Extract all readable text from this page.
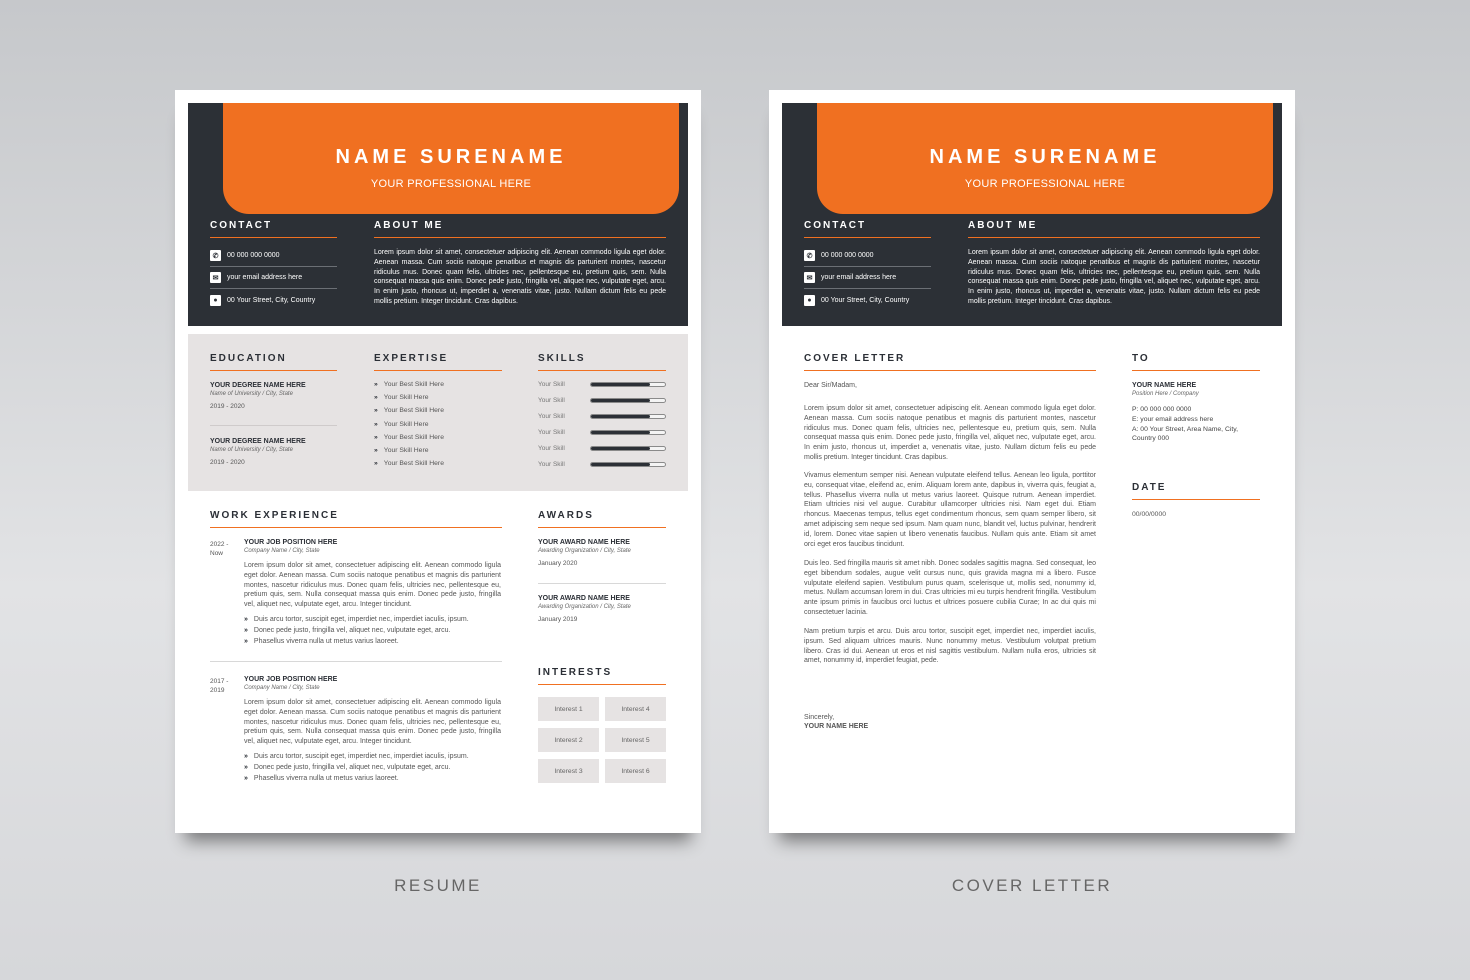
NAME SURENAME
YOUR PROFESSIONAL HERE
CONTACT
✆	00 000 000 0000
✉	your email address here
●	00 Your Street, City, Country
ABOUT ME
Lorem ipsum dolor sit amet, consectetuer adipiscing elit. Aenean commodo ligula eget dolor. Aenean massa. Cum sociis natoque penatibus et magnis dis parturient montes, nascetur ridiculus mus. Donec quam felis, ultricies nec, pellentesque eu, pretium quis, sem. Nulla consequat massa quis enim. Donec pede justo, fringilla vel, aliquet nec, vulputate eget, arcu. In enim justo, rhoncus ut, imperdiet a, venenatis vitae, justo. Nullam dictum felis eu pede mollis pretium. Integer tincidunt. Cras dapibus.
EDUCATION
YOUR DEGREE NAME HERE
Name of University / City, State
2019 - 2020
YOUR DEGREE NAME HERE
Name of University / City, State
2019 - 2020
EXPERTISE
» Your Best Skill Here
» Your Skill Here
» Your Best Skill Here
» Your Skill Here
» Your Best Skill Here
» Your Skill Here
» Your Best Skill Here
SKILLS
Your Skill
Your Skill
Your Skill
Your Skill
Your Skill
Your Skill
WORK EXPERIENCE
2022 -
Now
YOUR JOB POSITION HERE
Company Name / City, State
Lorem ipsum dolor sit amet, consectetuer adipiscing elit. Aenean commodo ligula eget dolor. Aenean massa. Cum sociis natoque penatibus et magnis dis parturient montes, nascetur ridiculus mus. Donec quam felis, ultricies nec, pellentesque eu, pretium quis, sem. Nulla consequat massa quis enim. Donec pede justo, fringilla vel, aliquet nec, vulputate eget, arcu. Integer tincidunt.
» Duis arcu tortor, suscipit eget, imperdiet nec, imperdiet iaculis, ipsum.
» Donec pede justo, fringilla vel, aliquet nec, vulputate eget, arcu.
» Phasellus viverra nulla ut metus varius laoreet.
2017 -
2019
YOUR JOB POSITION HERE
Company Name / City, State
Lorem ipsum dolor sit amet, consectetuer adipiscing elit. Aenean commodo ligula eget dolor. Aenean massa. Cum sociis natoque penatibus et magnis dis parturient montes, nascetur ridiculus mus. Donec quam felis, ultricies nec, pellentesque eu, pretium quis, sem. Nulla consequat massa quis enim. Donec pede justo, fringilla vel, aliquet nec, vulputate eget, arcu. Integer tincidunt.
» Duis arcu tortor, suscipit eget, imperdiet nec, imperdiet iaculis, ipsum.
» Donec pede justo, fringilla vel, aliquet nec, vulputate eget, arcu.
» Phasellus viverra nulla ut metus varius laoreet.
AWARDS
YOUR AWARD NAME HERE
Awarding Organization / City, State
January 2020
YOUR AWARD NAME HERE
Awarding Organization / City, State
January 2019
INTERESTS
Interest 1	Interest 4
Interest 2	Interest 5
Interest 3	Interest 6
NAME SURENAME
YOUR PROFESSIONAL HERE
CONTACT
✆	00 000 000 0000
✉	your email address here
●	00 Your Street, City, Country
ABOUT ME
Lorem ipsum dolor sit amet, consectetuer adipiscing elit. Aenean commodo ligula eget dolor. Aenean massa. Cum sociis natoque penatibus et magnis dis parturient montes, nascetur ridiculus mus. Donec quam felis, ultricies nec, pellentesque eu, pretium quis, sem. Nulla consequat massa quis enim. Donec pede justo, fringilla vel, aliquet nec, vulputate eget, arcu. In enim justo, rhoncus ut, imperdiet a, venenatis vitae, justo. Nullam dictum felis eu pede mollis pretium. Integer tincidunt. Cras dapibus.
COVER LETTER
Dear Sir/Madam,
Lorem ipsum dolor sit amet, consectetuer adipiscing elit. Aenean commodo ligula eget dolor. Aenean massa. Cum sociis natoque penatibus et magnis dis parturient montes, nascetur ridiculus mus. Donec quam felis, ultricies nec, pellentesque eu, pretium quis, sem. Nulla consequat massa quis enim. Donec pede justo, fringilla vel, aliquet nec, vulputate eget, arcu. In enim justo, rhoncus ut, imperdiet a, venenatis vitae, justo. Nullam dictum felis eu pede mollis pretium. Integer tincidunt. Cras dapibus.
Vivamus elementum semper nisi. Aenean vulputate eleifend tellus. Aenean leo ligula, porttitor eu, consequat vitae, eleifend ac, enim. Aliquam lorem ante, dapibus in, viverra quis, feugiat a, tellus. Phasellus viverra nulla ut metus varius laoreet. Quisque rutrum. Aenean imperdiet. Etiam ultricies nisi vel augue. Curabitur ullamcorper ultricies nisi. Nam eget dui. Etiam rhoncus. Maecenas tempus, tellus eget condimentum rhoncus, sem quam semper libero, sit amet adipiscing sem neque sed ipsum. Nam quam nunc, blandit vel, luctus pulvinar, hendrerit id, lorem. Donec vitae sapien ut libero venenatis faucibus. Nullam quis ante. Etiam sit amet orci eget eros faucibus tincidunt.
Duis leo. Sed fringilla mauris sit amet nibh. Donec sodales sagittis magna. Sed consequat, leo eget bibendum sodales, augue velit cursus nunc, quis gravida magna mi a libero. Fusce vulputate eleifend sapien. Vestibulum purus quam, scelerisque ut, mollis sed, nonummy id, metus. Nullam accumsan lorem in dui. Cras ultricies mi eu turpis hendrerit fringilla. Vestibulum ante ipsum primis in faucibus orci luctus et ultrices posuere cubilia Curae; In ac dui quis mi consectetuer lacinia.
Nam pretium turpis et arcu. Duis arcu tortor, suscipit eget, imperdiet nec, imperdiet iaculis, ipsum. Sed aliquam ultrices mauris. Nunc nonummy metus. Vestibulum volutpat pretium libero. Cras id dui. Aenean ut eros et nisl sagittis vestibulum. Nullam nulla eros, ultricies sit amet, nonummy id, imperdiet feugiat, pede.
Sincerely,
YOUR NAME HERE
TO
YOUR NAME HERE
Position Here / Company
P: 00 000 000 0000
E: your email address here
A: 00 Your Street, Area Name, City, Country 000
DATE
00/00/0000
RESUME	COVER LETTER
